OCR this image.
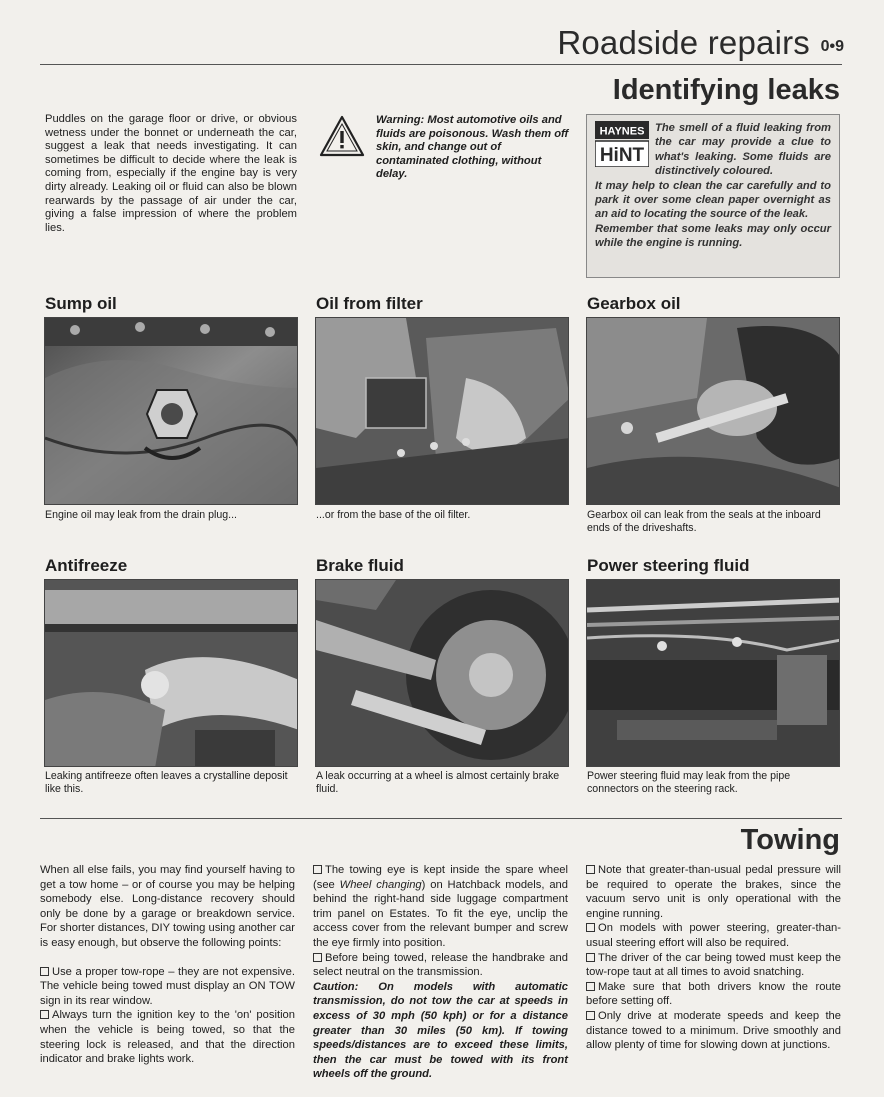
Roadside repairs 0•9
Identifying leaks
Puddles on the garage floor or drive, or obvious wetness under the bonnet or underneath the car, suggest a leak that needs investigating. It can sometimes be difficult to decide where the leak is coming from, especially if the engine bay is very dirty already. Leaking oil or fluid can also be blown rearwards by the passage of air under the car, giving a false impression of where the problem lies.
Warning: Most automotive oils and fluids are poisonous. Wash them off skin, and change out of contaminated clothing, without delay.
HAYNES
HiNT

The smell of a fluid leaking from the car may provide a clue to what's leaking. Some fluids are distinctively coloured.

It may help to clean the car carefully and to park it over some clean paper overnight as an aid to locating the source of the leak.

Remember that some leaks may only occur while the engine is running.

Sump oil	Oil from filter	Gearbox oil
Engine oil may leak from the drain plug...	...or from the base of the oil filter.	Gearbox oil can leak from the seals at the inboard ends of the driveshafts.
Antifreeze	Brake fluid	Power steering fluid
Leaking antifreeze often leaves a crystalline deposit like this.
A leak occurring at a wheel is almost certainly brake fluid.
Power steering fluid may leak from the pipe connectors on the steering rack.
Towing

When all else fails, you may find yourself having to get a tow home – or of course you may be helping somebody else. Long-distance recovery should only be done by a garage or breakdown service. For shorter distances, DIY towing using another car is easy enough, but observe the following points:

Use a proper tow-rope – they are not expensive. The vehicle being towed must display an ON TOW sign in its rear window.

Always turn the ignition key to the 'on' position when the vehicle is being towed, so that the steering lock is released, and that the direction indicator and brake lights work.

The towing eye is kept inside the spare wheel (see Wheel changing) on Hatchback models, and behind the right-hand side luggage compartment trim panel on Estates. To fit the eye, unclip the access cover from the relevant bumper and screw the eye firmly into position.

Before being towed, release the handbrake and select neutral on the transmission.

Caution: On models with automatic transmission, do not tow the car at speeds in excess of 30 mph (50 kph) or for a distance greater than 30 miles (50 km). If towing speeds/distances are to exceed these limits, then the car must be towed with its front wheels off the ground.

Note that greater-than-usual pedal pressure will be required to operate the brakes, since the vacuum servo unit is only operational with the engine running.

On models with power steering, greater-than-usual steering effort will also be required.

The driver of the car being towed must keep the tow-rope taut at all times to avoid snatching.

Make sure that both drivers know the route before setting off.

Only drive at moderate speeds and keep the distance towed to a minimum. Drive smoothly and allow plenty of time for slowing down at junctions.
